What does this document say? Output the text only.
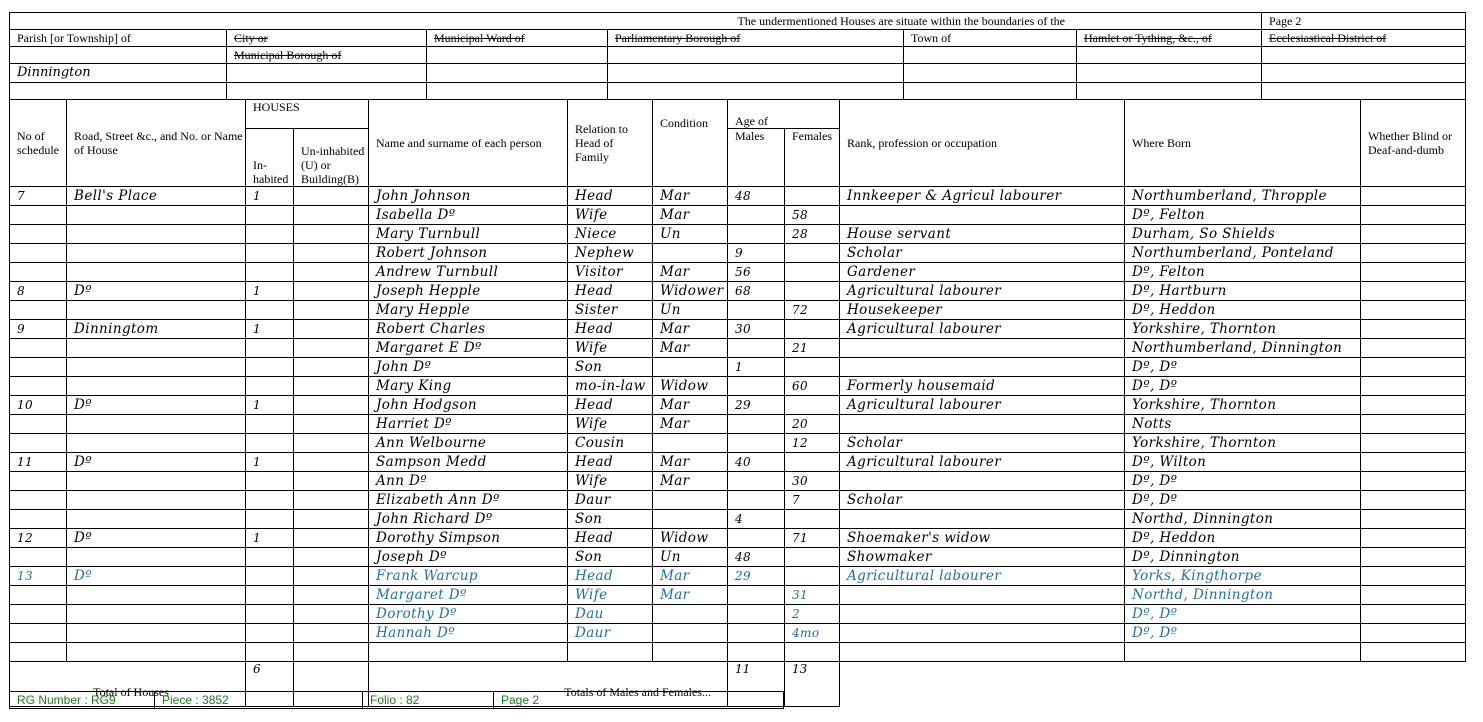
The undermentioned Houses are situate within the boundaries of the						Page 2
Parish [or Township] of	City or	Municipal Ward of	Parliamentary Borough of	Town of	Hamlet or Tything, &c., of	Ecclesiastical District of
	Municipal Borough of					
Dinnington						

No of schedule	Road, Street &c., and No. or Name of House	HOUSES		Name and surname of each person	Relation to Head of Family	Condition	Age of		Rank, profession or occupation	Where Born	Whether Blind or Deaf-and-dumb
		In-habited	Un-inhabited (U) or Building(B)				Males	Females			
7	Bell's Place	1		John Johnson	Head	Mar	48		Innkeeper & Agricul labourer	Northumberland, Thropple	
				Isabella Dº	Wife	Mar		58		Dº, Felton	
				Mary Turnbull	Niece	Un		28	House servant	Durham, So Shields	
				Robert Johnson	Nephew		9		Scholar	Northumberland, Ponteland	
				Andrew Turnbull	Visitor	Mar	56		Gardener	Dº, Felton	
8	Dº	1		Joseph Hepple	Head	Widower	68		Agricultural labourer	Dº, Hartburn	
				Mary Hepple	Sister	Un		72	Housekeeper	Dº, Heddon	
9	Dinningtom	1		Robert Charles	Head	Mar	30		Agricultural labourer	Yorkshire, Thornton	
				Margaret E Dº	Wife	Mar		21		Northumberland, Dinnington	
				John Dº	Son		1			Dº, Dº	
				Mary King	mo-in-law	Widow		60	Formerly housemaid	Dº, Dº	
10	Dº	1		John Hodgson	Head	Mar	29		Agricultural labourer	Yorkshire, Thornton	
				Harriet Dº	Wife	Mar		20		Notts	
				Ann Welbourne	Cousin			12	Scholar	Yorkshire, Thornton	
11	Dº	1		Sampson Medd	Head	Mar	40		Agricultural labourer	Dº, Wilton	
				Ann Dº	Wife	Mar		30		Dº, Dº	
				Elizabeth Ann Dº	Daur			7	Scholar	Dº, Dº	
				John Richard Dº	Son		4			Northd, Dinnington	
12	Dº	1		Dorothy Simpson	Head	Widow		71	Shoemaker's widow	Dº, Heddon	
				Joseph Dº	Son	Un	48		Showmaker	Dº, Dinnington	
13	Dº			Frank Warcup	Head	Mar	29		Agricultural labourer	Yorks, Kingthorpe	
				Margaret Dº	Wife	Mar		31		Northd, Dinnington	
				Dorothy Dº	Dau			2		Dº, Dº	
				Hannah Dº	Daur			4mo		Dº, Dº	

Total of Houses		6		Totals of Males and Females...			11	13			
RG Number : RG9	Piece : 3852	Folio : 82	Page 2
